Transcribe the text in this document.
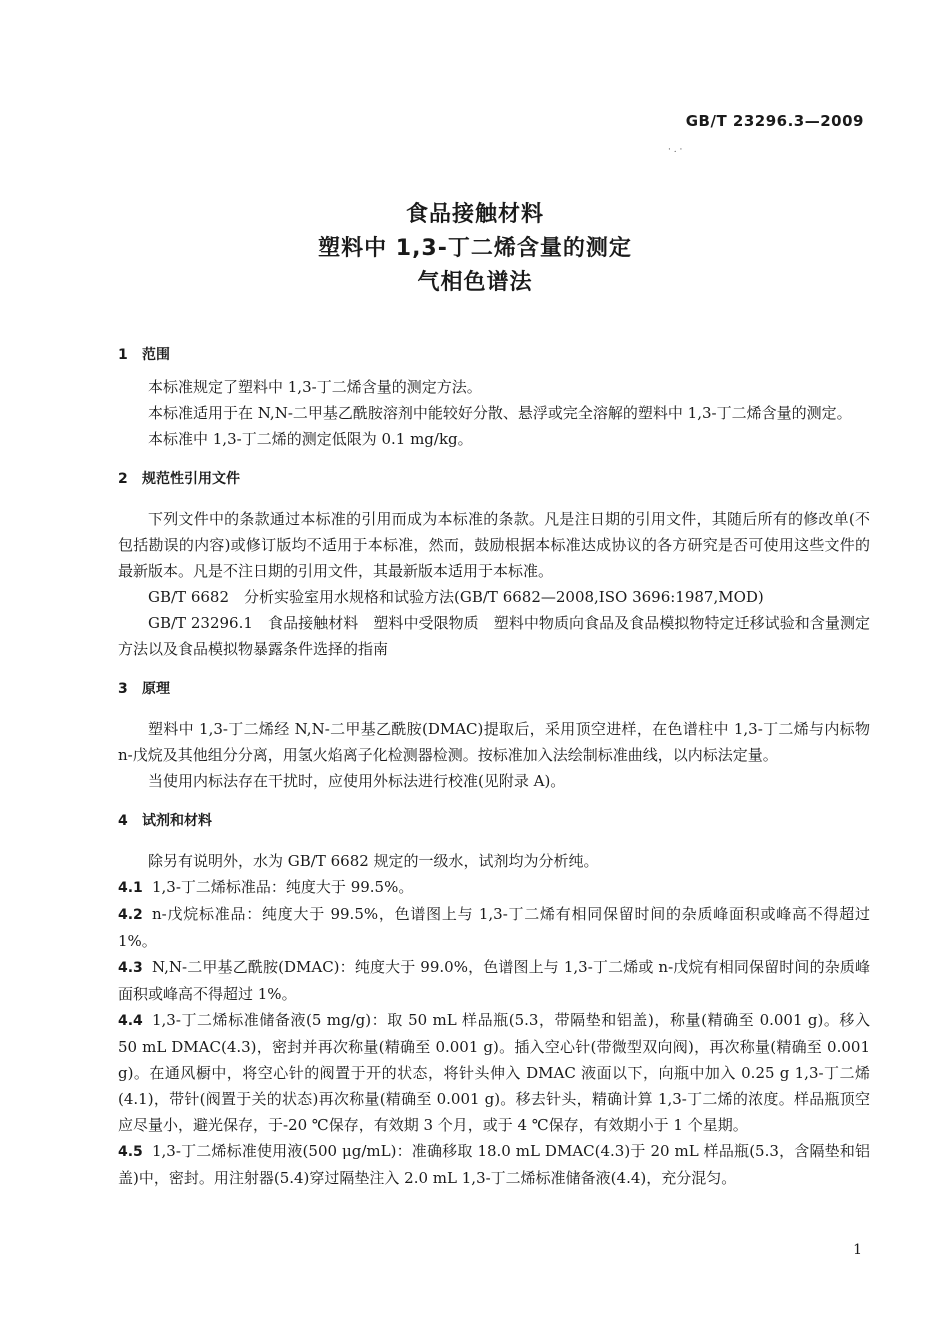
GB/T 23296.3—2009
· . ·
食品接触材料
塑料中 1,3-丁二烯含量的测定
气相色谱法
1 范围

本标准规定了塑料中 1,3-丁二烯含量的测定方法。

本标准适用于在 N,N-二甲基乙酰胺溶剂中能较好分散、悬浮或完全溶解的塑料中 1,3-丁二烯含量的测定。

本标准中 1,3-丁二烯的测定低限为 0.1 mg/kg。

2 规范性引用文件

下列文件中的条款通过本标准的引用而成为本标准的条款。凡是注日期的引用文件，其随后所有的修改单(不包括勘误的内容)或修订版均不适用于本标准，然而，鼓励根据本标准达成协议的各方研究是否可使用这些文件的最新版本。凡是不注日期的引用文件，其最新版本适用于本标准。

GB/T 6682　分析实验室用水规格和试验方法(GB/T 6682—2008,ISO 3696:1987,MOD)

GB/T 23296.1　食品接触材料　塑料中受限物质　塑料中物质向食品及食品模拟物特定迁移试验和含量测定方法以及食品模拟物暴露条件选择的指南

3 原理

塑料中 1,3-丁二烯经 N,N-二甲基乙酰胺(DMAC)提取后，采用顶空进样，在色谱柱中 1,3-丁二烯与内标物 n-戊烷及其他组分分离，用氢火焰离子化检测器检测。按标准加入法绘制标准曲线，以内标法定量。

当使用内标法存在干扰时，应使用外标法进行校准(见附录 A)。

4 试剂和材料

除另有说明外，水为 GB/T 6682 规定的一级水，试剂均为分析纯。

4.1 1,3-丁二烯标准品：纯度大于 99.5%。
4.2 n-戊烷标准品：纯度大于 99.5%，色谱图上与 1,3-丁二烯有相同保留时间的杂质峰面积或峰高不得超过 1%。
4.3 N,N-二甲基乙酰胺(DMAC)：纯度大于 99.0%，色谱图上与 1,3-丁二烯或 n-戊烷有相同保留时间的杂质峰面积或峰高不得超过 1%。
4.4 1,3-丁二烯标准储备液(5 mg/g)：取 50 mL 样品瓶(5.3，带隔垫和铝盖)，称量(精确至 0.001 g)。移入 50 mL DMAC(4.3)，密封并再次称量(精确至 0.001 g)。插入空心针(带微型双向阀)，再次称量(精确至 0.001 g)。在通风橱中，将空心针的阀置于开的状态，将针头伸入 DMAC 液面以下，向瓶中加入 0.25 g 1,3-丁二烯(4.1)，带针(阀置于关的状态)再次称量(精确至 0.001 g)。移去针头，精确计算 1,3-丁二烯的浓度。样品瓶顶空应尽量小，避光保存，于-20 ℃保存，有效期 3 个月，或于 4 ℃保存，有效期小于 1 个星期。
4.5 1,3-丁二烯标准使用液(500 μg/mL)：准确移取 18.0 mL DMAC(4.3)于 20 mL 样品瓶(5.3，含隔垫和铝盖)中，密封。用注射器(5.4)穿过隔垫注入 2.0 mL 1,3-丁二烯标准储备液(4.4)，充分混匀。
1
